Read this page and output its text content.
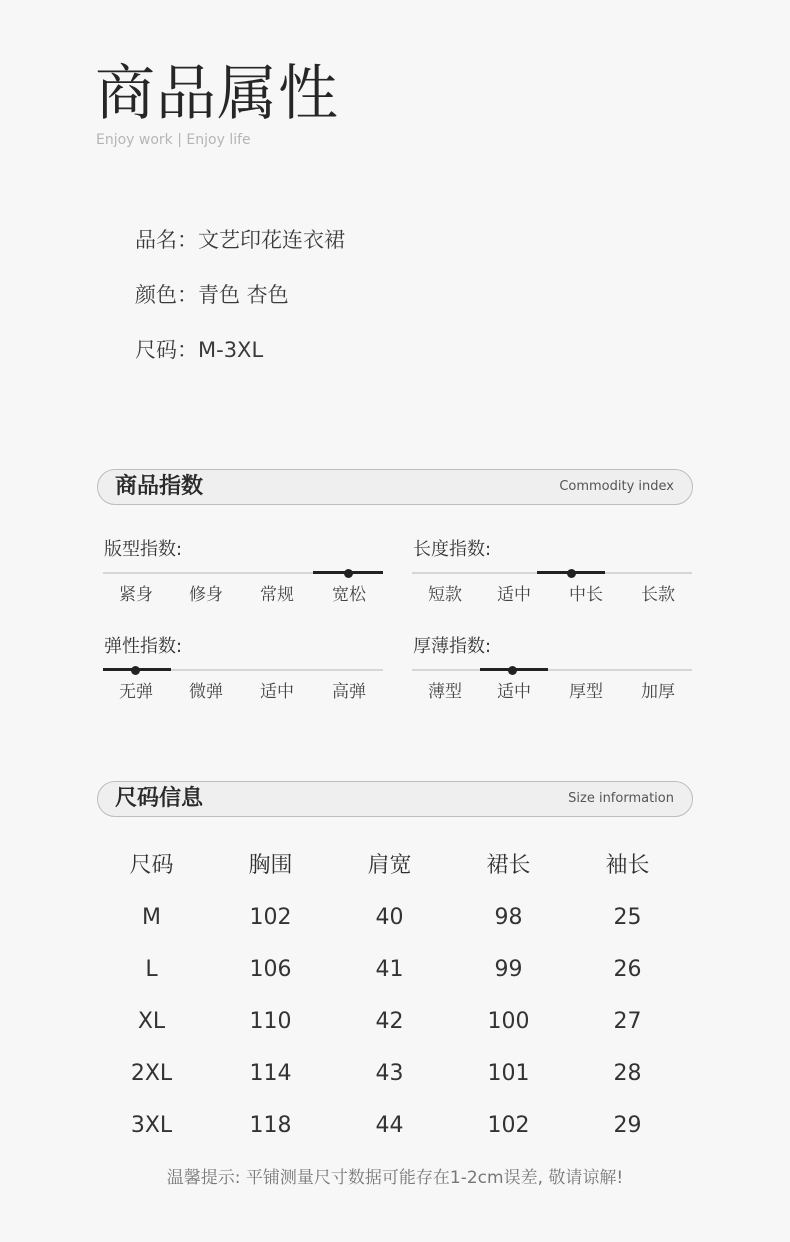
商品属性
Enjoy work | Enjoy life
品名：文艺印花连衣裙
颜色：青色 杏色
尺码：M-3XL
商品指数	Commodity index
版型指数:
紧身	修身	常规	宽松
长度指数:
短款	适中	中长	长款
弹性指数:
无弹	微弹	适中	高弹
厚薄指数:
薄型	适中	厚型	加厚
尺码信息	Size information
尺码	胸围	肩宽	裙长	袖长
M	102	40	98	25
L	106	41	99	26
XL	110	42	100	27
2XL	114	43	101	28
3XL	118	44	102	29
温馨提示: 平铺测量尺寸数据可能存在1-2cm误差, 敬请谅解!
